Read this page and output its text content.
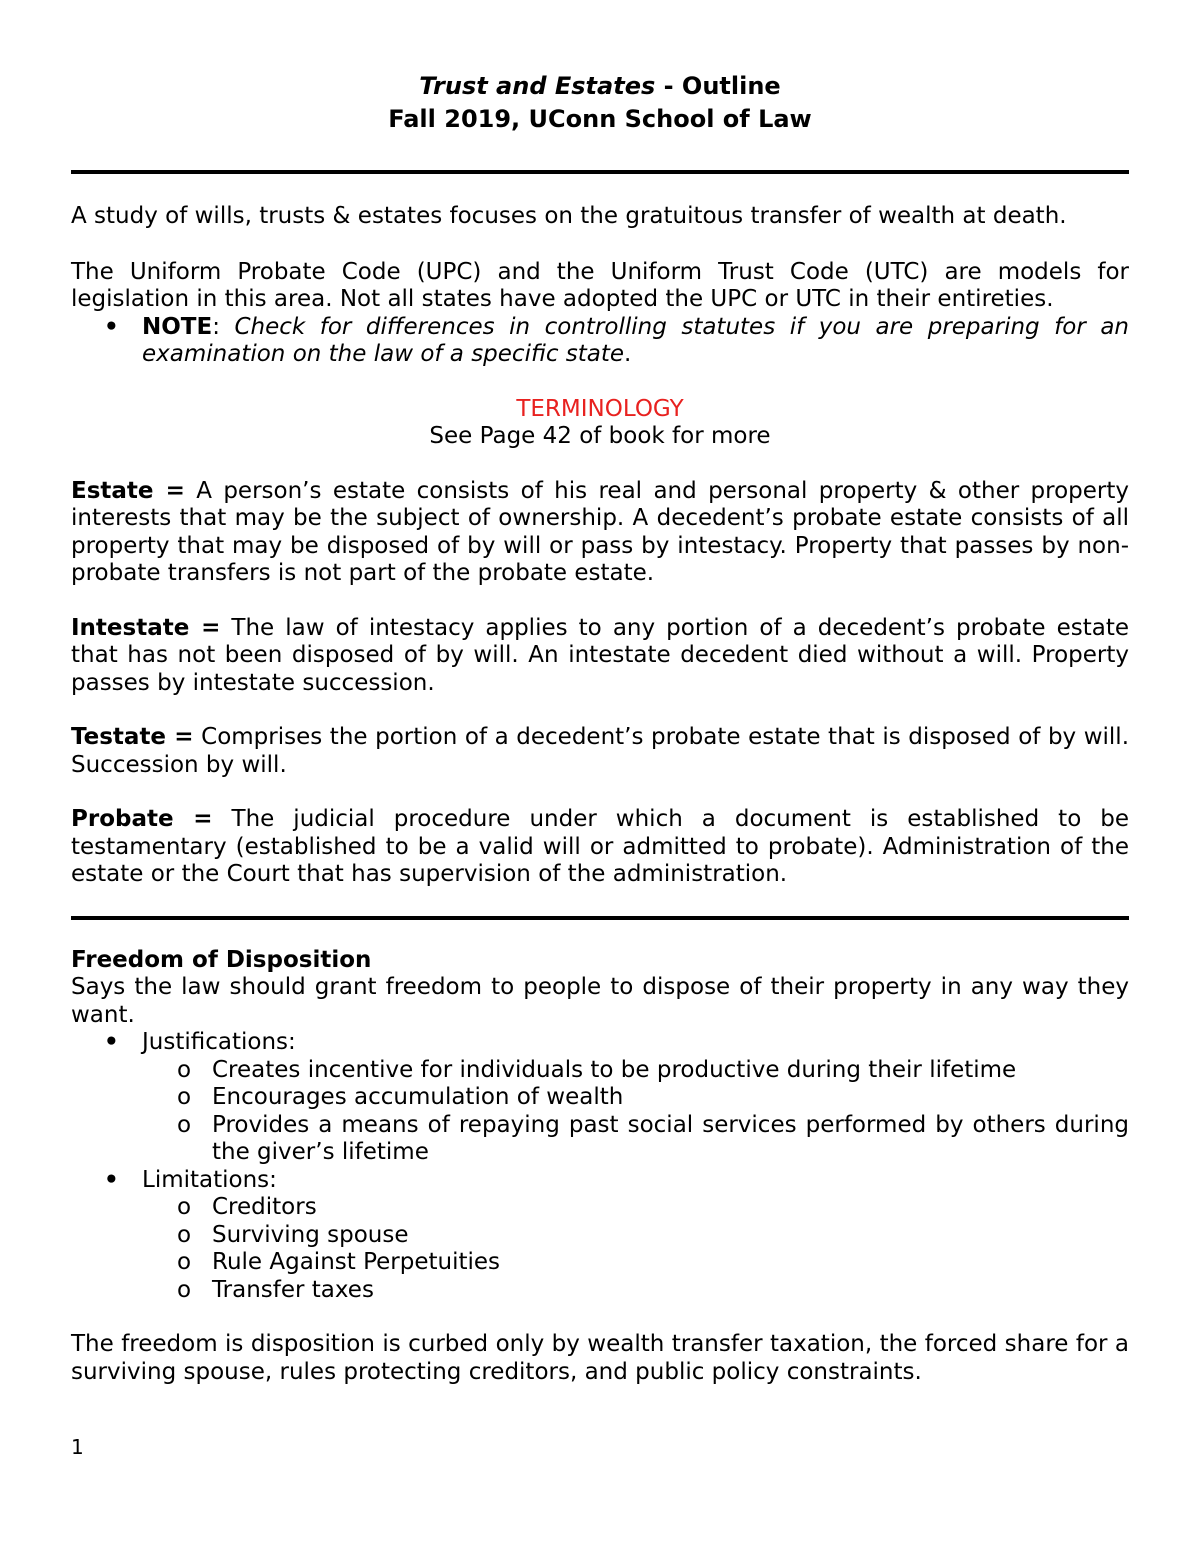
Trust and Estates - Outline
Fall 2019, UConn School of Law

A study of wills, trusts & estates focuses on the gratuitous transfer of wealth at death.

The Uniform Probate Code (UPC) and the Uniform Trust Code (UTC) are models for legislation in this area. Not all states have adopted the UPC or UTC in their entireties.

• NOTE: Check for differences in controlling statutes if you are preparing for an examination on the law of a specific state.

TERMINOLOGY

See Page 42 of book for more

Estate = A person’s estate consists of his real and personal property & other property interests that may be the subject of ownership. A decedent’s probate estate consists of all property that may be disposed of by will or pass by intestacy. Property that passes by non-probate transfers is not part of the probate estate.

Intestate = The law of intestacy applies to any portion of a decedent’s probate estate that has not been disposed of by will. An intestate decedent died without a will. Property passes by intestate succession.

Testate = Comprises the portion of a decedent’s probate estate that is disposed of by will. Succession by will.

Probate = The judicial procedure under which a document is established to be testamentary (established to be a valid will or admitted to probate). Administration of the estate or the Court that has supervision of the administration.

Freedom of Disposition

Says the law should grant freedom to people to dispose of their property in any way they want.

• Justifications:
o Creates incentive for individuals to be productive during their lifetime
o Encourages accumulation of wealth
o Provides a means of repaying past social services performed by others during the giver’s lifetime
• Limitations:
o Creditors
o Surviving spouse
o Rule Against Perpetuities
o Transfer taxes

The freedom is disposition is curbed only by wealth transfer taxation, the forced share for a surviving spouse, rules protecting creditors, and public policy constraints.

1
